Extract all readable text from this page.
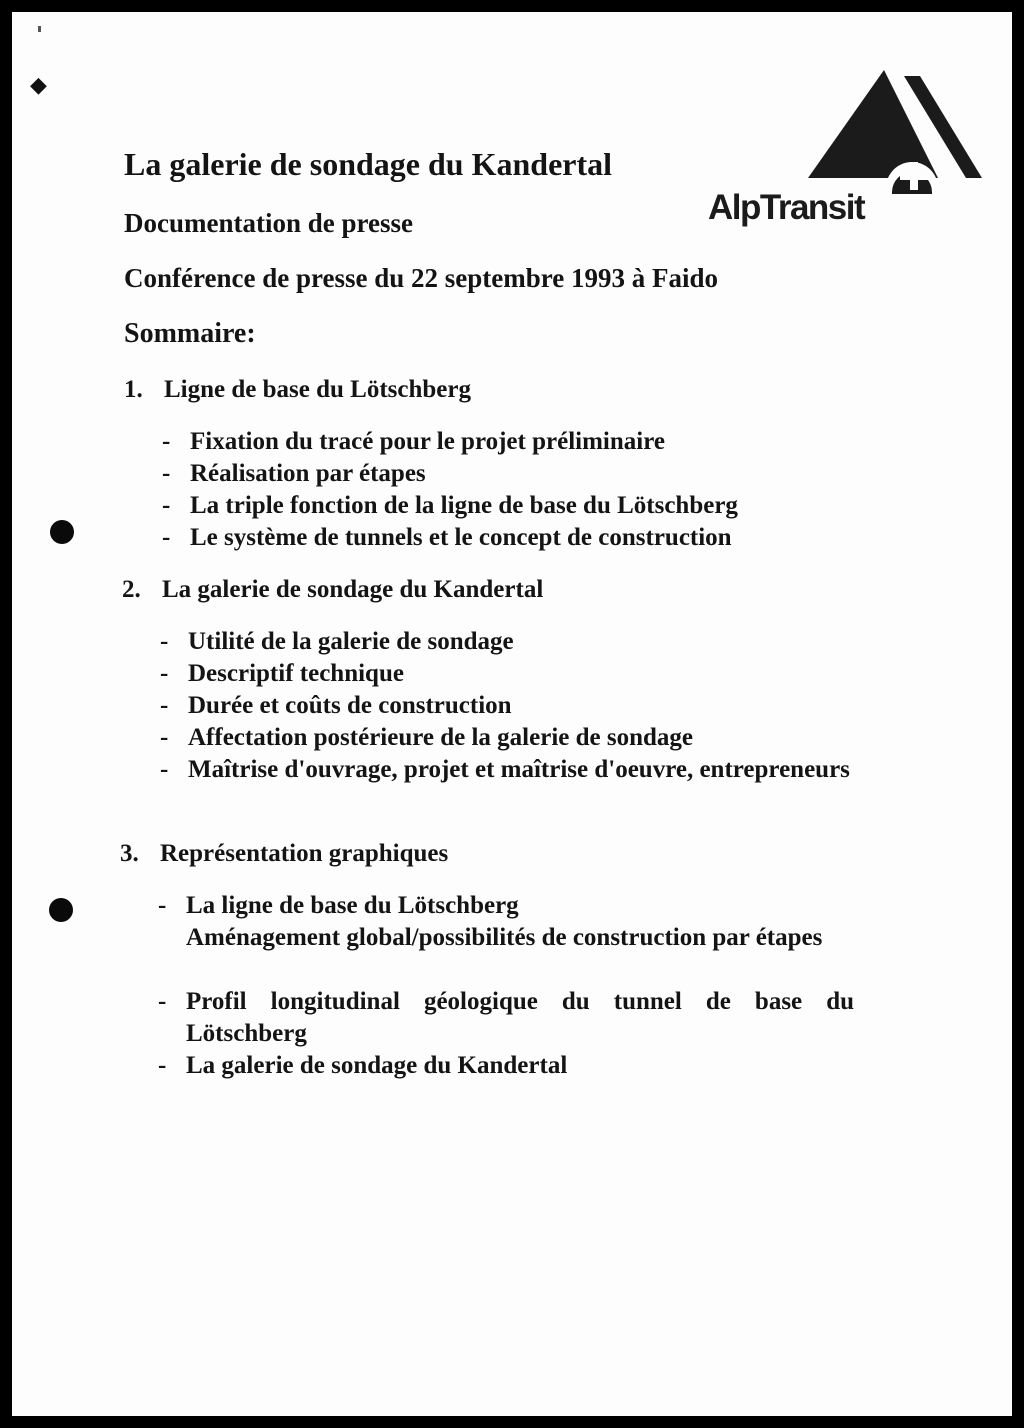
◆
AlpTransit
La galerie de sondage du Kandertal
Documentation de presse
Conférence de presse du 22 septembre 1993 à Faido
Sommaire:
1. Ligne de base du Lötschberg
- Fixation du tracé pour le projet préliminaire
- Réalisation par étapes
- La triple fonction de la ligne de base du Lötschberg
- Le système de tunnels et le concept de construction
2. La galerie de sondage du Kandertal
- Utilité de la galerie de sondage
- Descriptif technique
- Durée et coûts de construction
- Affectation postérieure de la galerie de sondage
- Maîtrise d'ouvrage, projet et maîtrise d'oeuvre, entrepreneurs
3. Représentation graphiques
- La ligne de base du Lötschberg
Aménagement global/possibilités de construction par étapes
- Profil longitudinal géologique du tunnel de base du Lötschberg
- La galerie de sondage du Kandertal
